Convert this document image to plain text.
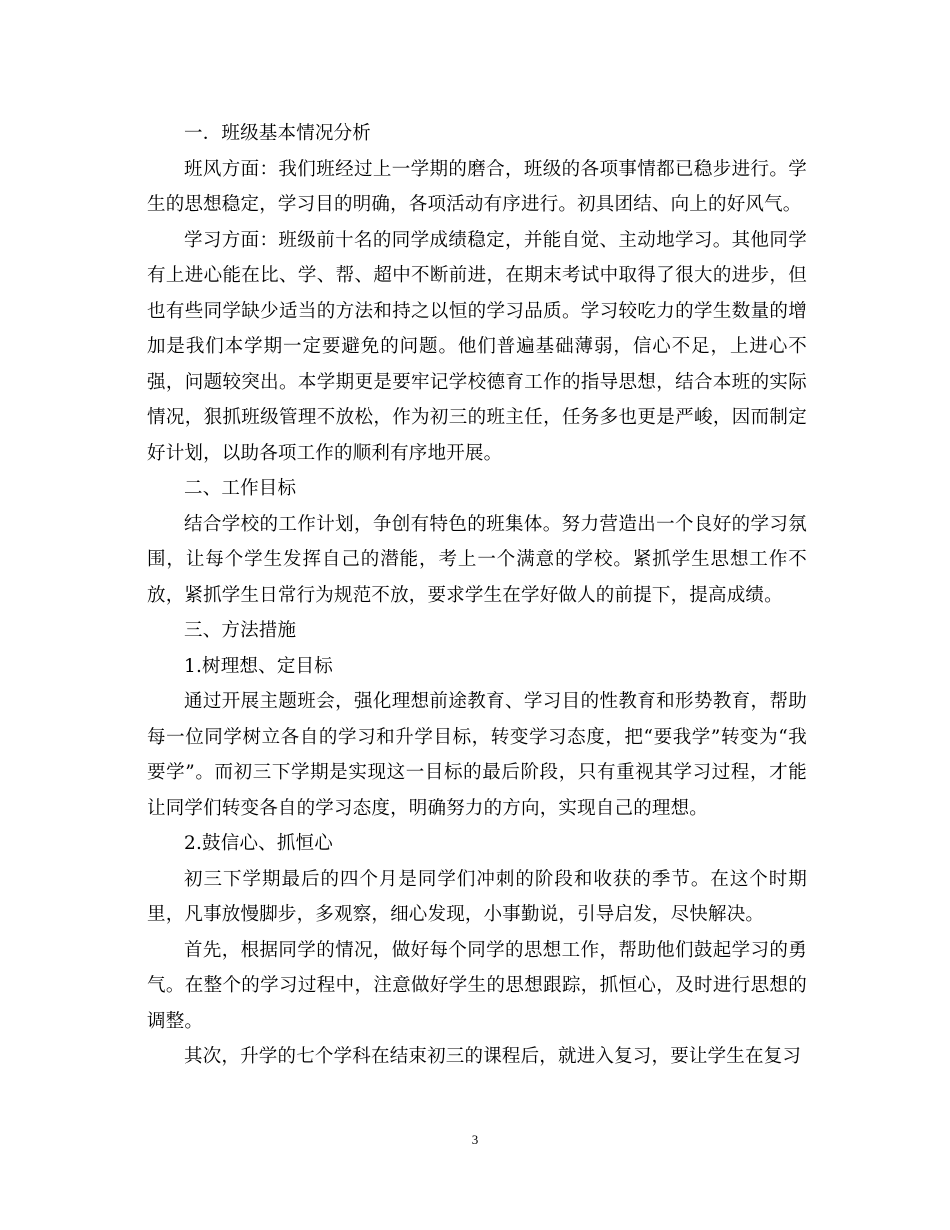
一．班级基本情况分析

班风方面：我们班经过上一学期的磨合，班级的各项事情都已稳步进行。学生的思想稳定，学习目的明确，各项活动有序进行。初具团结、向上的好风气。

学习方面：班级前十名的同学成绩稳定，并能自觉、主动地学习。其他同学有上进心能在比、学、帮、超中不断前进，在期末考试中取得了很大的进步，但也有些同学缺少适当的方法和持之以恒的学习品质。学习较吃力的学生数量的增加是我们本学期一定要避免的问题。他们普遍基础薄弱，信心不足，上进心不强，问题较突出。本学期更是要牢记学校德育工作的指导思想，结合本班的实际情况，狠抓班级管理不放松，作为初三的班主任，任务多也更是严峻，因而制定好计划，以助各项工作的顺利有序地开展。

二、工作目标

结合学校的工作计划，争创有特色的班集体。努力营造出一个良好的学习氛围，让每个学生发挥自己的潜能，考上一个满意的学校。紧抓学生思想工作不放，紧抓学生日常行为规范不放，要求学生在学好做人的前提下，提高成绩。

三、方法措施

1.树理想、定目标

通过开展主题班会，强化理想前途教育、学习目的性教育和形势教育，帮助每一位同学树立各自的学习和升学目标，转变学习态度，把“要我学”转变为“我要学”。而初三下学期是实现这一目标的最后阶段，只有重视其学习过程，才能让同学们转变各自的学习态度，明确努力的方向，实现自己的理想。

2.鼓信心、抓恒心

初三下学期最后的四个月是同学们冲刺的阶段和收获的季节。在这个时期里，凡事放慢脚步，多观察，细心发现，小事勤说，引导启发，尽快解决。

首先，根据同学的情况，做好每个同学的思想工作，帮助他们鼓起学习的勇气。在整个的学习过程中，注意做好学生的思想跟踪，抓恒心，及时进行思想的调整。

其次，升学的七个学科在结束初三的课程后，就进入复习，要让学生在复习

3
